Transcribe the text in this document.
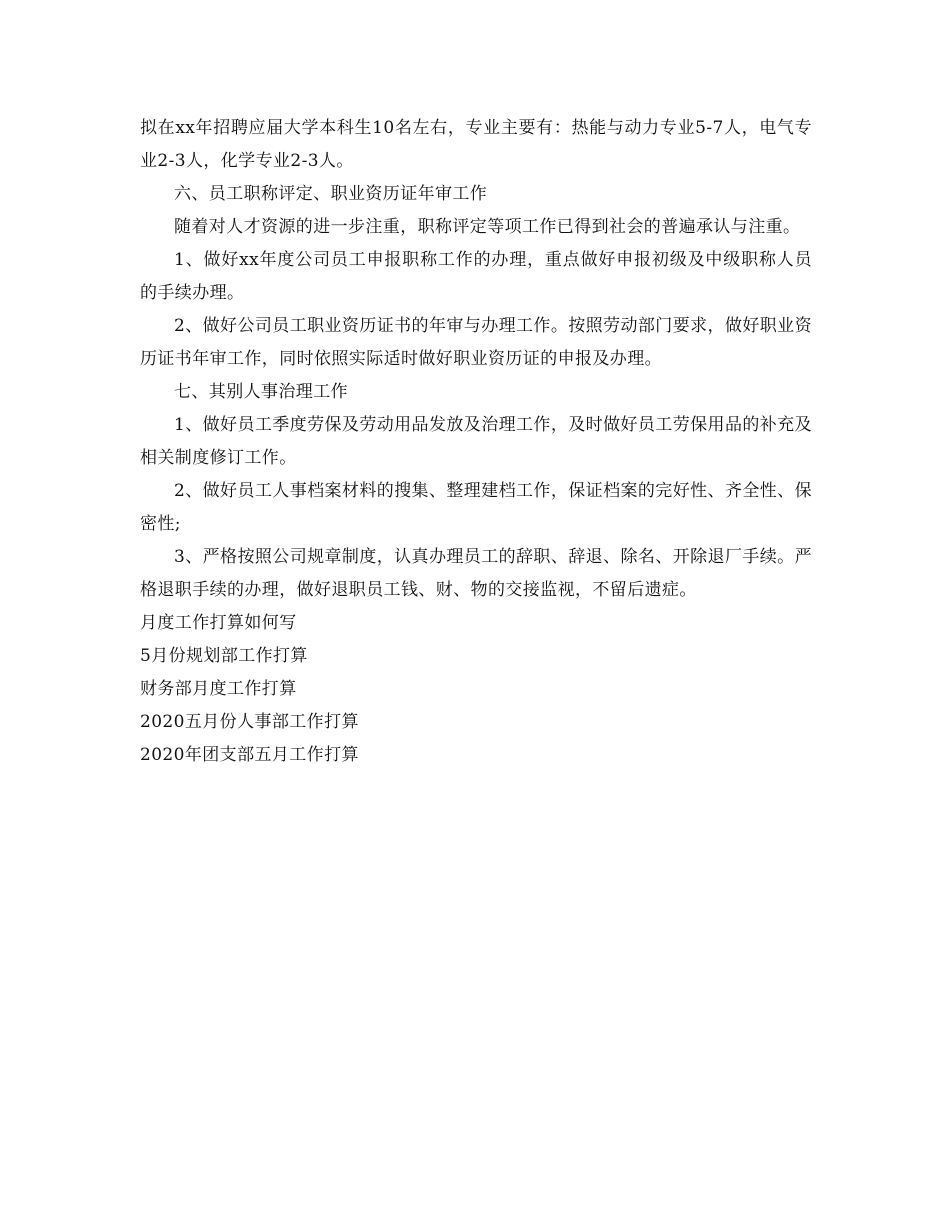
拟在xx年招聘应届大学本科生10名左右，专业主要有：热能与动力专业5-7人，电气专业2-3人，化学专业2-3人。

六、员工职称评定、职业资历证年审工作

随着对人才资源的进一步注重，职称评定等项工作已得到社会的普遍承认与注重。

1、做好xx年度公司员工申报职称工作的办理，重点做好申报初级及中级职称人员的手续办理。

2、做好公司员工职业资历证书的年审与办理工作。按照劳动部门要求，做好职业资历证书年审工作，同时依照实际适时做好职业资历证的申报及办理。

七、其别人事治理工作

1、做好员工季度劳保及劳动用品发放及治理工作，及时做好员工劳保用品的补充及相关制度修订工作。

2、做好员工人事档案材料的搜集、整理建档工作，保证档案的完好性、齐全性、保密性;

3、严格按照公司规章制度，认真办理员工的辞职、辞退、除名、开除退厂手续。严格退职手续的办理，做好退职员工钱、财、物的交接监视，不留后遗症。

月度工作打算如何写
5月份规划部工作打算
财务部月度工作打算
2020五月份人事部工作打算
2020年团支部五月工作打算
